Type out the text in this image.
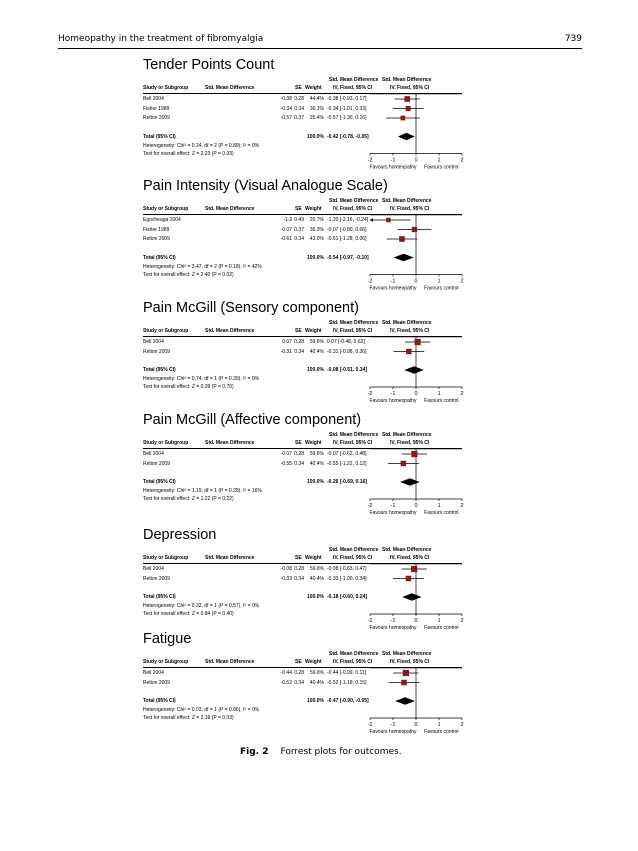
Homeopathy in the treatment of fibromyalgia	739
Tender Points Count
Std. Mean Difference Std. Mean Difference
Study or Subgroup	Std. Mean Difference	SE Weight IV, Fixed, 95% CI	IV, Fixed, 95% CI
Bell 2004	-0.38 0.28 44.4% -0.38 [-0.93, 0.17]
Fisher 1989	-0.34 0.34 30.1% -0.34 [-1.01, 0.33]
Relton 2009	-0.57 0.37 25.4% -0.57 [-1.30, 0.16]
Total (95% CI)	100.0% -0.42 [-0.78, -0.05]
Heterogeneity: Chi² = 0.24, df = 2 (P = 0.89); I² = 0%
Test for overall effect: Z = 2.23 (P = 0.03)
-2	-1	0	1	2
Favours homeopathy Favours control
Pain Intensity (Visual Analogue Scale)
Std. Mean Difference Std. Mean Difference
Study or Subgroup	Std. Mean Difference	SE Weight IV, Fixed, 95% CI	IV, Fixed, 95% CI
Egocheaga 2004	-1.2 0.49 20.7% -1.20 [-2.16, -0.24]
Fisher 1989	-0.07 0.37 36.3% -0.07 [-0.80, 0.66]
Relton 2009	-0.61 0.34 43.0% -0.61 [-1.28, 0.06]
Total (95% CI)	100.0% -0.54 [-0.97, -0.10]
Heterogeneity: Chi² = 3.47, df = 2 (P = 0.18); I² = 42%
Test for overall effect: Z = 2.40 (P = 0.02)
-2	-1	0	1	2
Favours homeopathy Favours control
Pain McGill (Sensory component)
Std. Mean Difference Std. Mean Difference
Study or Subgroup	Std. Mean Difference	SE Weight IV, Fixed, 95% CI	IV, Fixed, 95% CI
Bell 2004	0.07 0.28 59.6% 0.07 [-0.48, 0.62]
Relton 2009	-0.31 0.34 40.4% -0.31 [-0.98, 0.36]
Total (95% CI)	100.0% -0.08 [-0.51, 0.34]
Heterogeneity: Chi² = 0.74, df = 1 (P = 0.39); I² = 0%
Test for overall effect: Z = 0.39 (P = 0.70)
-2	-1	0	1	2
Favours homeopathy Favours control
Pain McGill (Affective component)
Std. Mean Difference Std. Mean Difference
Study or Subgroup	Std. Mean Difference	SE Weight IV, Fixed, 95% CI	IV, Fixed, 95% CI
Bell 2004	-0.07 0.28 59.6% -0.07 [-0.62, 0.48]
Relton 2009	-0.55 0.34 40.4% -0.55 [-1.22, 0.12]
Total (95% CI)	100.0% -0.26 [-0.69, 0.16]
Heterogeneity: Chi² = 1.19, df = 1 (P = 0.28); I² = 16%
Test for overall effect: Z = 1.22 (P = 0.22)
-2	-1	0	1	2
Favours homeopathy Favours control
Depression
Std. Mean Difference Std. Mean Difference
Study or Subgroup	Std. Mean Difference	SE Weight IV, Fixed, 95% CI	IV, Fixed, 95% CI
Bell 2004	-0.08 0.28 59.6% -0.08 [-0.63, 0.47]
Relton 2009	-0.33 0.34 40.4% -0.33 [-1.00, 0.34]
Total (95% CI)	100.0% -0.18 [-0.60, 0.24]
Heterogeneity: Chi² = 0.32, df = 1 (P = 0.57); I² = 0%
Test for overall effect: Z = 0.84 (P = 0.40)
-2	-1	0	1	2
Favours homeopathy Favours control
Fatigue
Std. Mean Difference Std. Mean Difference
Study or Subgroup	Std. Mean Difference	SE Weight IV, Fixed, 95% CI	IV, Fixed, 95% CI
Bell 2004	-0.44 0.28 59.6% -0.44 [-0.99, 0.11]
Relton 2009	-0.52 0.34 40.4% -0.52 [-1.19, 0.15]
Total (95% CI)	100.0% -0.47 [-0.90, -0.05]
Heterogeneity: Chi² = 0.03, df = 1 (P = 0.86); I² = 0%
Test for overall effect: Z = 2.19 (P = 0.03)
-2	-1	0	1	2
Favours homeopathy Favours control
Fig. 2 Forrest plots for outcomes.
